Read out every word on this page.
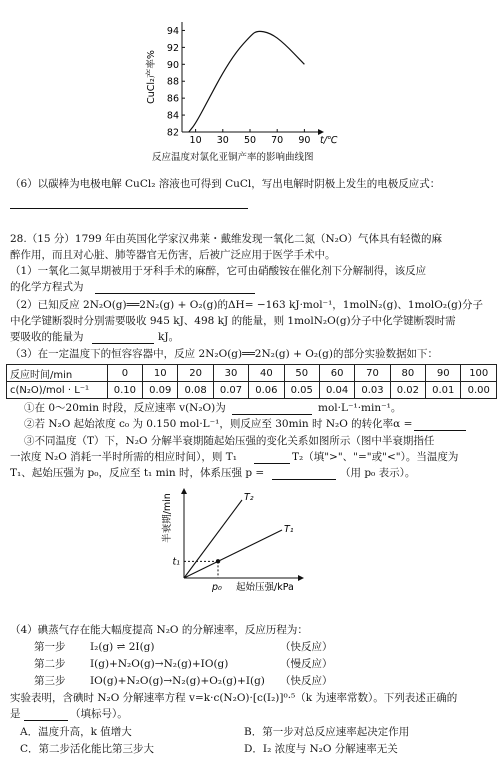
82
84
86
88
90
92
94
10 30 50 70 90 t/℃
CuCl₂产率%
反应温度对氯化亚铜产率的影响曲线图
（6）以碳棒为电极电解 CuCl₂ 溶液也可得到 CuCl，写出电解时阴极上发生的电极反应式：
28.（15 分）1799 年由英国化学家汉弗莱・戴维发现一氧化二氮（N₂O）气体具有轻微的麻
醉作用，而且对心脏、肺等器官无伤害，后被广泛应用于医学手术中。
（1）一氧化二氮早期被用于牙科手术的麻醉，它可由硝酸铵在催化剂下分解制得，该反应
的化学方程式为
（2）已知反应 2N₂O(g)══2N₂(g) + O₂(g)的ΔH= −163 kJ·mol⁻¹，1molN₂(g)、1molO₂(g)分子
中化学键断裂时分别需要吸收 945 kJ、498 kJ 的能量，则 1molN₂O(g)分子中化学键断裂时需
要吸收的能量为	kJ。
（3）在一定温度下的恒容容器中，反应 2N₂O(g)══2N₂(g) + O₂(g)的部分实验数据如下：
反应时间/min	0	10	20	30	40	50	60	70	80	90	100
c(N₂O)/mol · L⁻¹	0.10	0.09	0.08	0.07	0.06	0.05	0.04	0.03	0.02	0.01	0.00
①在 0～20min 时段，反应速率 v(N₂O)为	mol·L⁻¹·min⁻¹。
②若 N₂O 起始浓度 c₀ 为 0.150 mol·L⁻¹，则反应至 30min 时 N₂O 的转化率α =
③不同温度（T）下，N₂O 分解半衰期随起始压强的变化关系如图所示（图中半衰期指任
一浓度 N₂O 消耗一半时所需的相应时间），则 T₁	T₂（填">"、"="或"<"）。当温度为
T₁、起始压强为 p₀，反应至 t₁ min 时，体系压强 p =	（用 p₀ 表示）。
T₂
T₁
t₁
p₀ 起始压强/kPa
半衰期/min
（4）碘蒸气存在能大幅度提高 N₂O 的分解速率，反应历程为：
第一步 I₂(g) ⇌ 2I(g)	（快反应）
第二步 I(g)+N₂O(g)→N₂(g)+IO(g)	（慢反应）
第三步 IO(g)+N₂O(g)→N₂(g)+O₂(g)+I(g) （快反应）
实验表明，含碘时 N₂O 分解速率方程 v=k·c(N₂O)·[c(I₂)]⁰·⁵（k 为速率常数）。下列表述正确的
是	（填标号）。
A．温度升高，k 值增大	B．第一步对总反应速率起决定作用
C．第二步活化能比第三步大	D．I₂ 浓度与 N₂O 分解速率无关
